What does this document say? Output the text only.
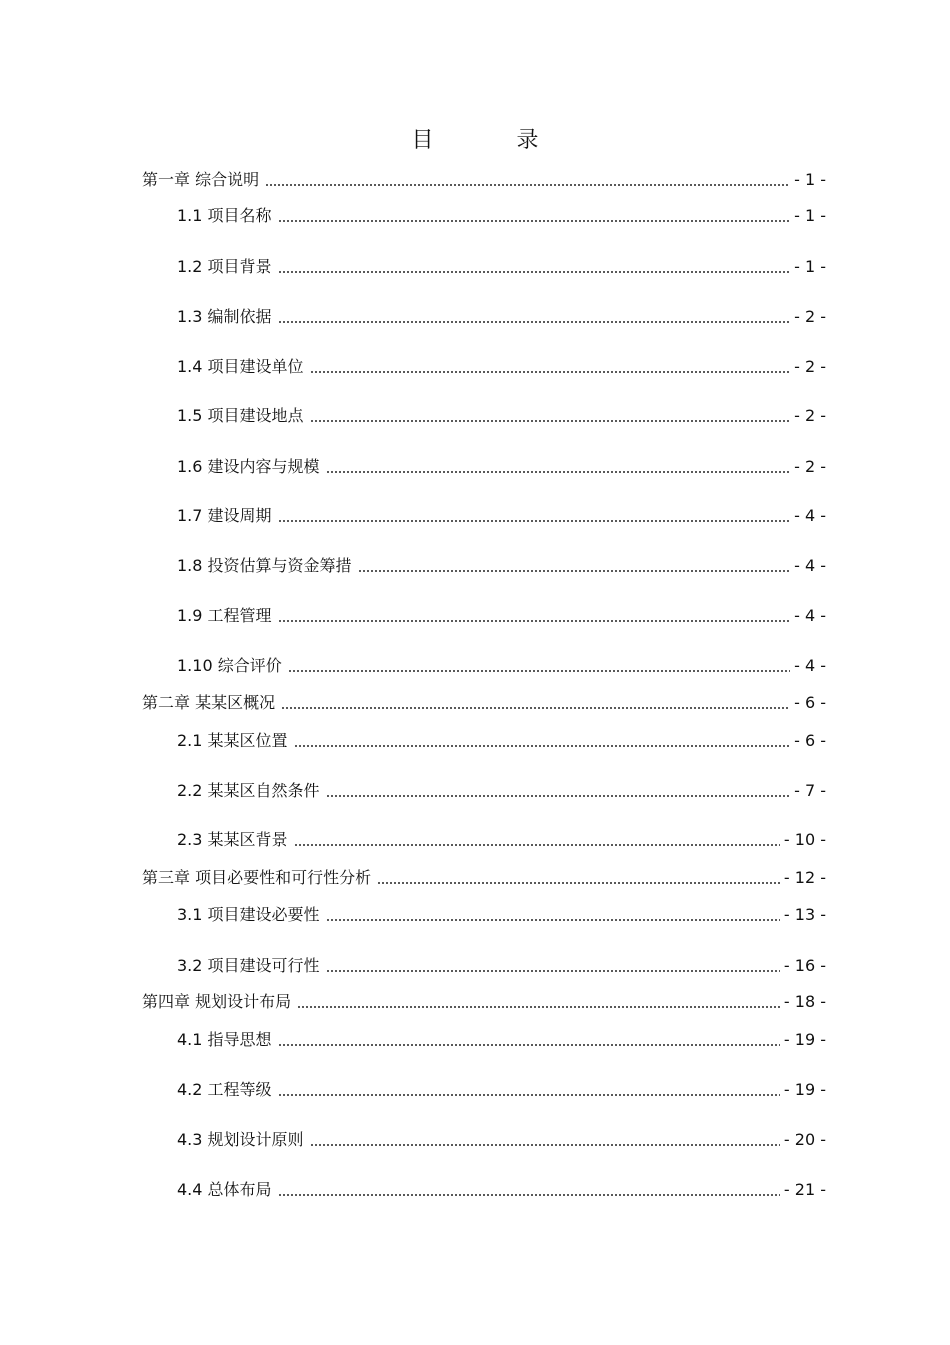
目 录
第一章 综合说明	- 1 -
1.1 项目名称	- 1 -
1.2 项目背景	- 1 -
1.3 编制依据	- 2 -
1.4 项目建设单位	- 2 -
1.5 项目建设地点	- 2 -
1.6 建设内容与规模	- 2 -
1.7 建设周期	- 4 -
1.8 投资估算与资金筹措	- 4 -
1.9 工程管理	- 4 -
1.10 综合评价	- 4 -
第二章 某某区概况	- 6 -
2.1 某某区位置	- 6 -
2.2 某某区自然条件	- 7 -
2.3 某某区背景	- 10 -
第三章 项目必要性和可行性分析	- 12 -
3.1 项目建设必要性	- 13 -
3.2 项目建设可行性	- 16 -
第四章 规划设计布局	- 18 -
4.1 指导思想	- 19 -
4.2 工程等级	- 19 -
4.3 规划设计原则	- 20 -
4.4 总体布局	- 21 -
